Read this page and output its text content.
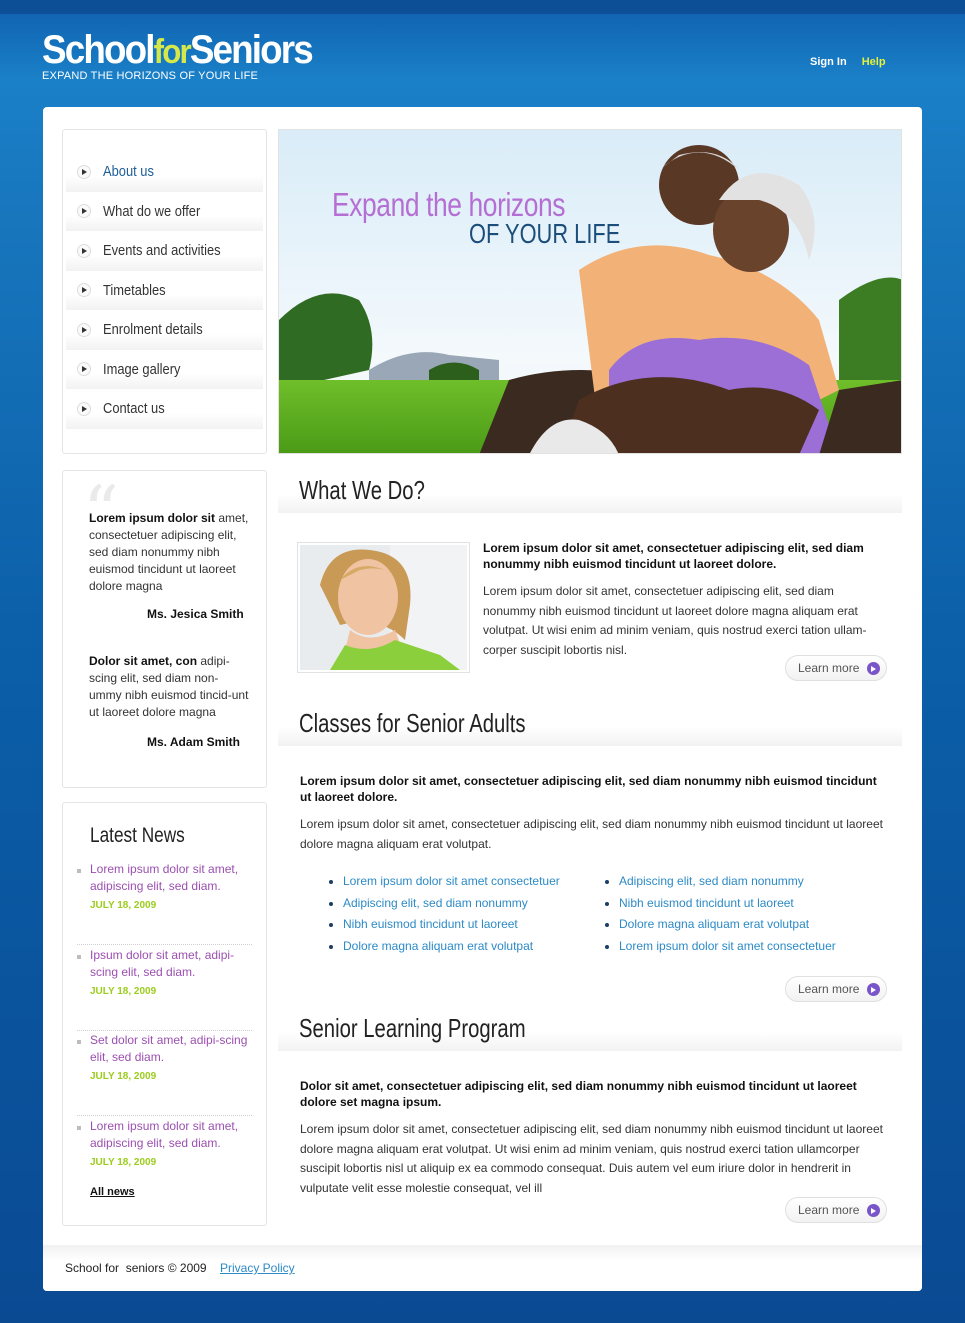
SchoolforSeniors
EXPAND THE HORIZONS OF YOUR LIFE
Sign In Help
About us
What do we offer
Events and activities
Timetables
Enrolment details
Image gallery
Contact us
Expand the horizons
OF YOUR LIFE
“
Lorem ipsum dolor sit amet, consectetuer adipiscing elit, sed diam nonummy nibh euismod tincidunt ut laoreet dolore magna
Ms. Jesica Smith
Dolor sit amet, con adipi-scing elit, sed diam non-ummy nibh euismod tincid-unt ut laoreet dolore magna
Ms. Adam Smith
Latest News
Lorem ipsum dolor sit amet, adipiscing elit, sed diam.
JULY 18, 2009
Ipsum dolor sit amet, adipi-scing elit, sed diam.
JULY 18, 2009
Set dolor sit amet, adipi-scing elit, sed diam.
JULY 18, 2009
Lorem ipsum dolor sit amet, adipiscing elit, sed diam.
JULY 18, 2009
All news
What We Do?
Lorem ipsum dolor sit amet, consectetuer adipiscing elit, sed diam nonummy nibh euismod tincidunt ut laoreet dolore.
Lorem ipsum dolor sit amet, consectetuer adipiscing elit, sed diam nonummy nibh euismod tincidunt ut laoreet dolore magna aliquam erat volutpat. Ut wisi enim ad minim veniam, quis nostrud exerci tation ullam-corper suscipit lobortis nisl.
Learn more
Classes for Senior Adults
Lorem ipsum dolor sit amet, consectetuer adipiscing elit, sed diam nonummy nibh euismod tincidunt ut laoreet dolore.
Lorem ipsum dolor sit amet, consectetuer adipiscing elit, sed diam nonummy nibh euismod tincidunt ut laoreet dolore magna aliquam erat volutpat.
Lorem ipsum dolor sit amet consectetuer
Adipiscing elit, sed diam nonummy
Nibh euismod tincidunt ut laoreet
Dolore magna aliquam erat volutpat
Adipiscing elit, sed diam nonummy
Nibh euismod tincidunt ut laoreet
Dolore magna aliquam erat volutpat
Lorem ipsum dolor sit amet consectetuer
Learn more
Senior Learning Program
Dolor sit amet, consectetuer adipiscing elit, sed diam nonummy nibh euismod tincidunt ut laoreet dolore set magna ipsum.
Lorem ipsum dolor sit amet, consectetuer adipiscing elit, sed diam nonummy nibh euismod tincidunt ut laoreet dolore magna aliquam erat volutpat. Ut wisi enim ad minim veniam, quis nostrud exerci tation ullamcorper suscipit lobortis nisl ut aliquip ex ea commodo consequat. Duis autem vel eum iriure dolor in hendrerit in vulputate velit esse molestie consequat, vel ill
Learn more
School for  seniors © 2009 Privacy Policy
